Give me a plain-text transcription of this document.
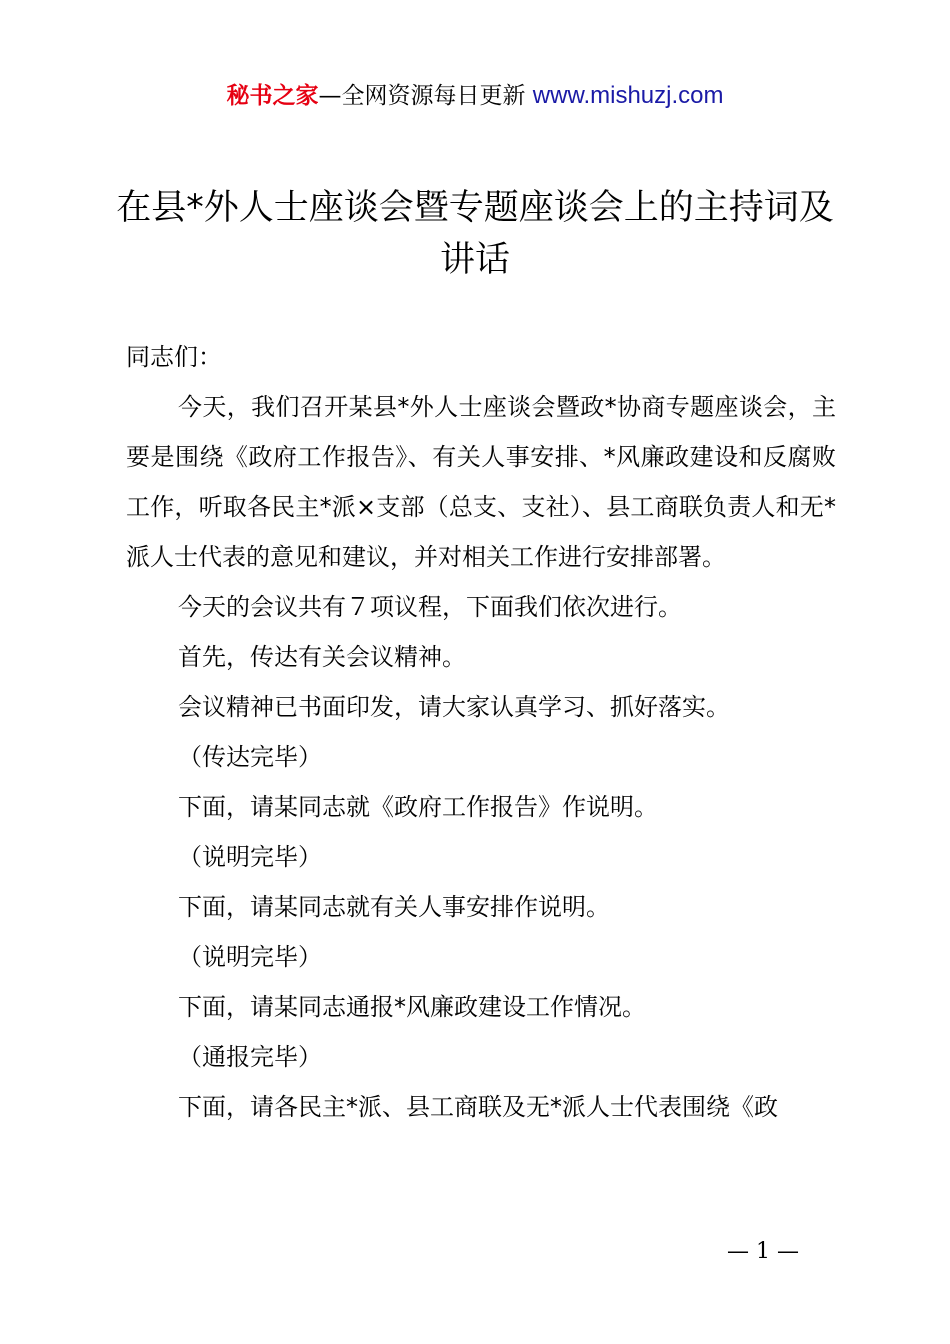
秘书之家—全网资源每日更新 www.mishuzj.com
在县*外人士座谈会暨专题座谈会上的主持词及讲话

同志们：

今天，我们召开某县*外人士座谈会暨政*协商专题座谈会，主要是围绕《政府工作报告》、有关人事安排、*风廉政建设和反腐败工作，听取各民主*派×支部（总支、支社）、县工商联负责人和无*派人士代表的意见和建议，并对相关工作进行安排部署。

今天的会议共有７项议程，下面我们依次进行。

首先，传达有关会议精神。

会议精神已书面印发，请大家认真学习、抓好落实。

（传达完毕）

下面，请某同志就《政府工作报告》作说明。

（说明完毕）

下面，请某同志就有关人事安排作说明。

（说明完毕）

下面，请某同志通报*风廉政建设工作情况。

（通报完毕）

下面，请各民主*派、县工商联及无*派人士代表围绕《政

— 1 —
